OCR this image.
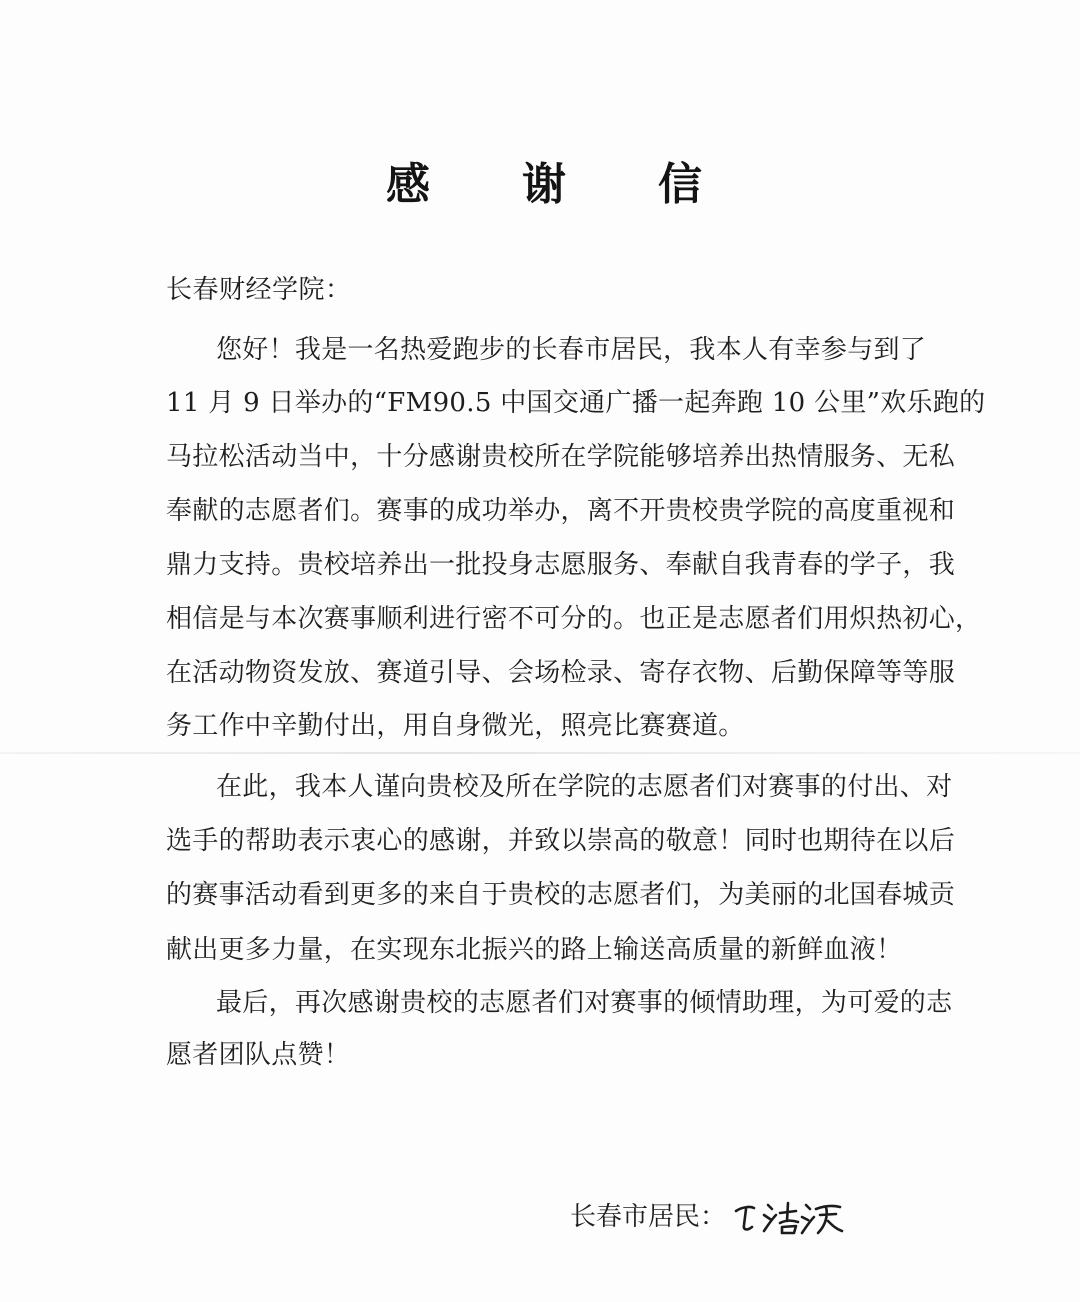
感 谢 信
长春财经学院：
您好！我是一名热爱跑步的长春市居民，我本人有幸参与到了
11 月 9 日举办的“FM90.5 中国交通广播一起奔跑 10 公里”欢乐跑的
马拉松活动当中，十分感谢贵校所在学院能够培养出热情服务、无私
奉献的志愿者们。赛事的成功举办，离不开贵校贵学院的高度重视和
鼎力支持。贵校培养出一批投身志愿服务、奉献自我青春的学子，我
相信是与本次赛事顺利进行密不可分的。也正是志愿者们用炽热初心，
在活动物资发放、赛道引导、会场检录、寄存衣物、后勤保障等等服
务工作中辛勤付出，用自身微光，照亮比赛赛道。
在此，我本人谨向贵校及所在学院的志愿者们对赛事的付出、对
选手的帮助表示衷心的感谢，并致以崇高的敬意！同时也期待在以后
的赛事活动看到更多的来自于贵校的志愿者们，为美丽的北国春城贡
献出更多力量，在实现东北振兴的路上输送高质量的新鲜血液！
最后，再次感谢贵校的志愿者们对赛事的倾情助理，为可爱的志
愿者团队点赞！
长春市居民：
